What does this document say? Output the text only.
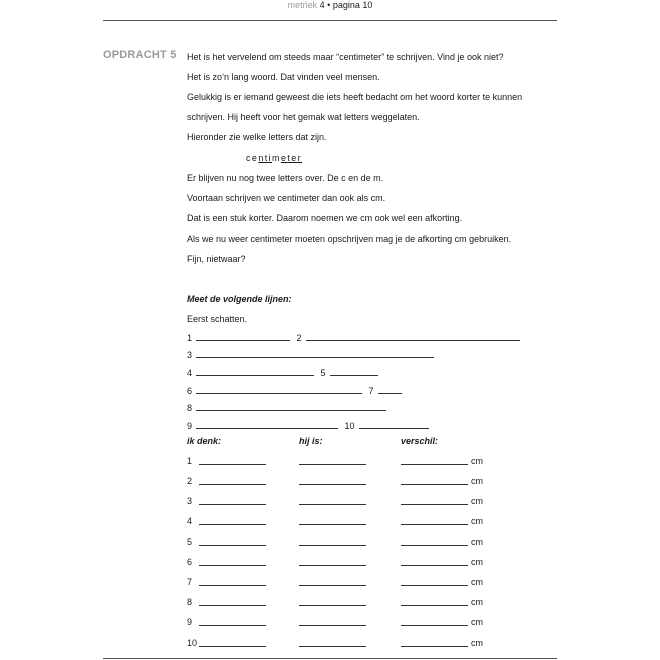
metriek 4 • pagina 10
OPDRACHT 5 Het is het vervelend om steeds maar “centimeter” te schrijven. Vind je ook niet?
Het is zo’n lang woord. Dat vinden veel mensen.
Gelukkig is er iemand geweest die iets heeft bedacht om het woord korter te kunnen
schrijven. Hij heeft voor het gemak wat letters weggelaten.
Hieronder zie welke letters dat zijn.
centimeter
Er blijven nu nog twee letters over. De c en de m.
Voortaan schrijven we centimeter dan ook als cm.
Dat is een stuk korter. Daarom noemen we cm ook wel een afkorting.
Als we nu weer centimeter moeten opschrijven mag je de afkorting cm gebruiken.
Fijn, nietwaar?
Meet de volgende lijnen:
Eerst schatten.
1	2
3
4	5
6	7
8
9	10
ik denk:	hij is:	verschil:
1	cm
2	cm
3	cm
4	cm
5	cm
6	cm
7	cm
8	cm
9	cm
10	cm
